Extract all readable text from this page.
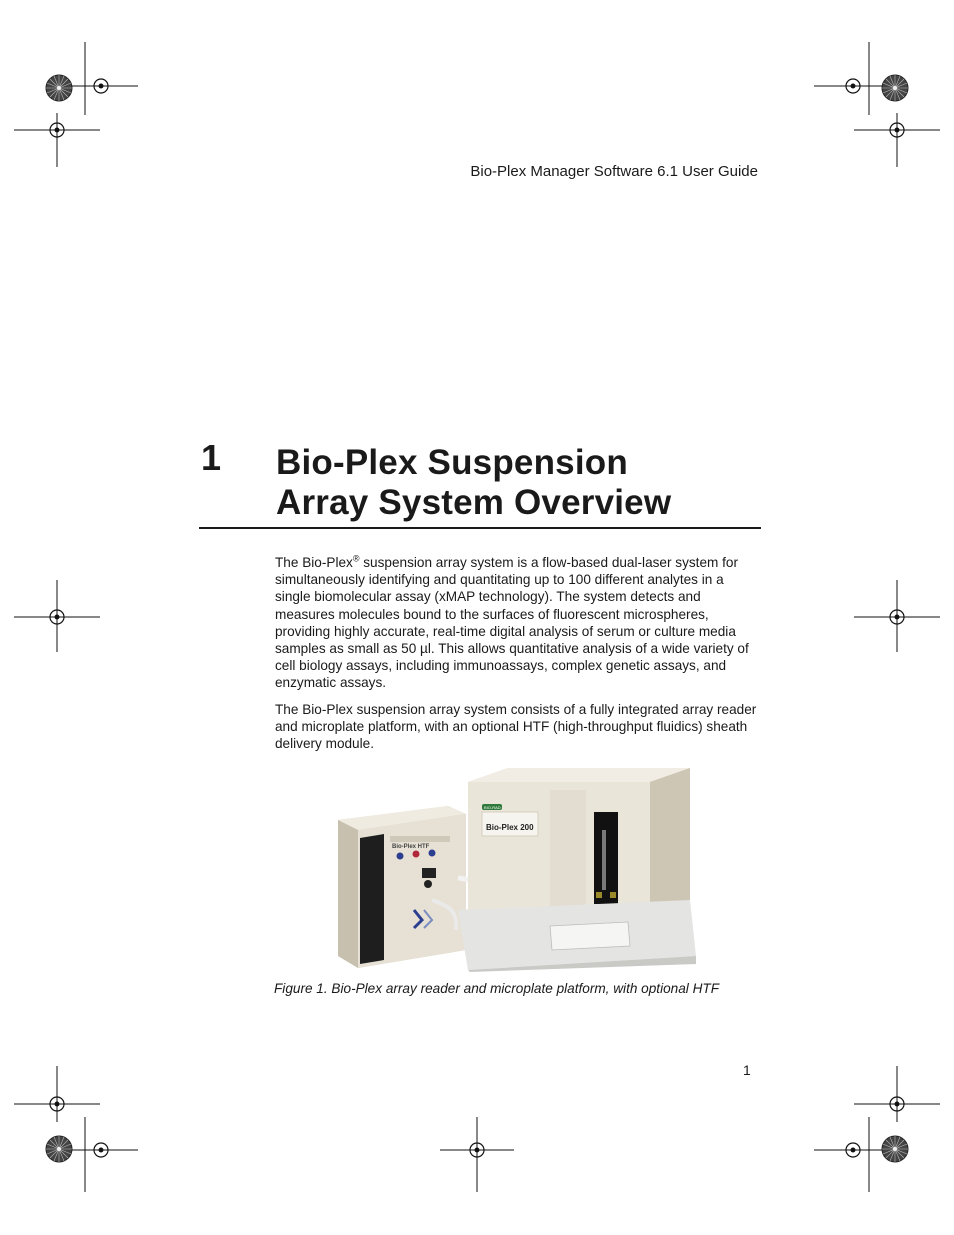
Bio-Plex Manager Software 6.1 User Guide
1 Bio-Plex Suspension
Array System Overview

The Bio-Plex® suspension array system is a flow-based dual-laser system for simultaneously identifying and quantitating up to 100 different analytes in a single biomolecular assay (xMAP technology). The system detects and measures molecules bound to the surfaces of fluorescent microspheres, providing highly accurate, real-time digital analysis of serum or culture media samples as small as 50 µl. This allows quantitative analysis of a wide variety of cell biology assays, including immunoassays, complex genetic assays, and enzymatic assays.

The Bio-Plex suspension array system consists of a fully integrated array reader and microplate platform, with an optional HTF (high-throughput fluidics) sheath delivery module.

Bio-Plex HTF
Bio-Plex 200
BIO-RAD
Figure 1. Bio-Plex array reader and microplate platform, with optional HTF
1
